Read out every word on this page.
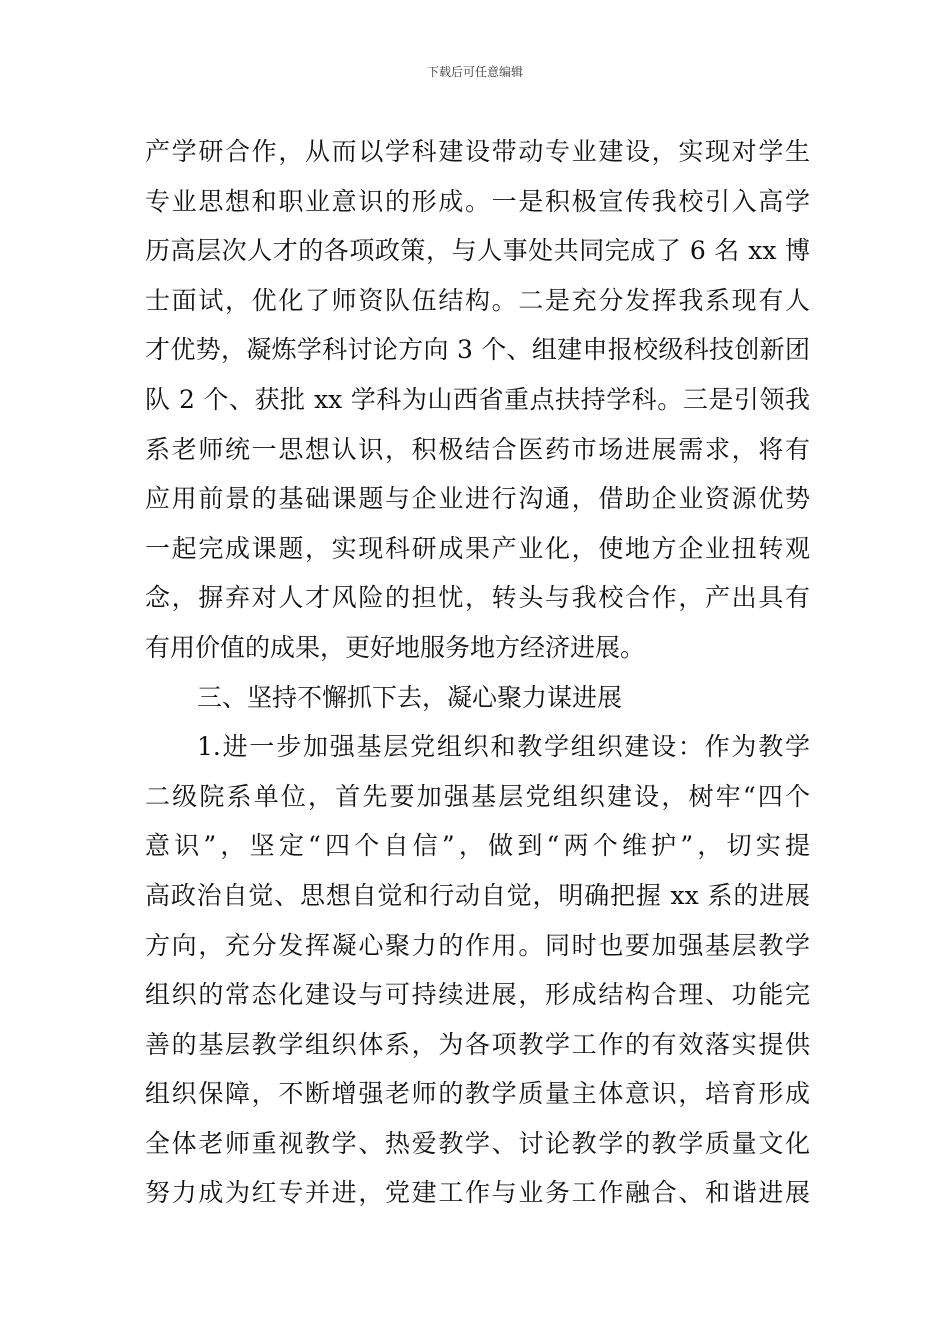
下载后可任意编辑
产学研合作，从而以学科建设带动专业建设，实现对学生
专业思想和职业意识的形成。一是积极宣传我校引入高学
历高层次人才的各项政策，与人事处共同完成了 6 名 xx 博
士面试，优化了师资队伍结构。二是充分发挥我系现有人
才优势，凝炼学科讨论方向 3 个、组建申报校级科技创新团
队 2 个、获批 xx 学科为山西省重点扶持学科。三是引领我
系老师统一思想认识，积极结合医药市场进展需求，将有
应用前景的基础课题与企业进行沟通，借助企业资源优势
一起完成课题，实现科研成果产业化，使地方企业扭转观
念，摒弃对人才风险的担忧，转头与我校合作，产出具有
有用价值的成果，更好地服务地方经济进展。
三、坚持不懈抓下去，凝心聚力谋进展
1.进一步加强基层党组织和教学组织建设：作为教学
二级院系单位，首先要加强基层党组织建设，树牢“四个
意识”，坚定“四个自信”，做到“两个维护”，切实提
高政治自觉、思想自觉和行动自觉，明确把握 xx 系的进展
方向，充分发挥凝心聚力的作用。同时也要加强基层教学
组织的常态化建设与可持续进展，形成结构合理、功能完
善的基层教学组织体系，为各项教学工作的有效落实提供
组织保障，不断增强老师的教学质量主体意识，培育形成
全体老师重视教学、热爱教学、讨论教学的教学质量文化
努力成为红专并进，党建工作与业务工作融合、和谐进展
